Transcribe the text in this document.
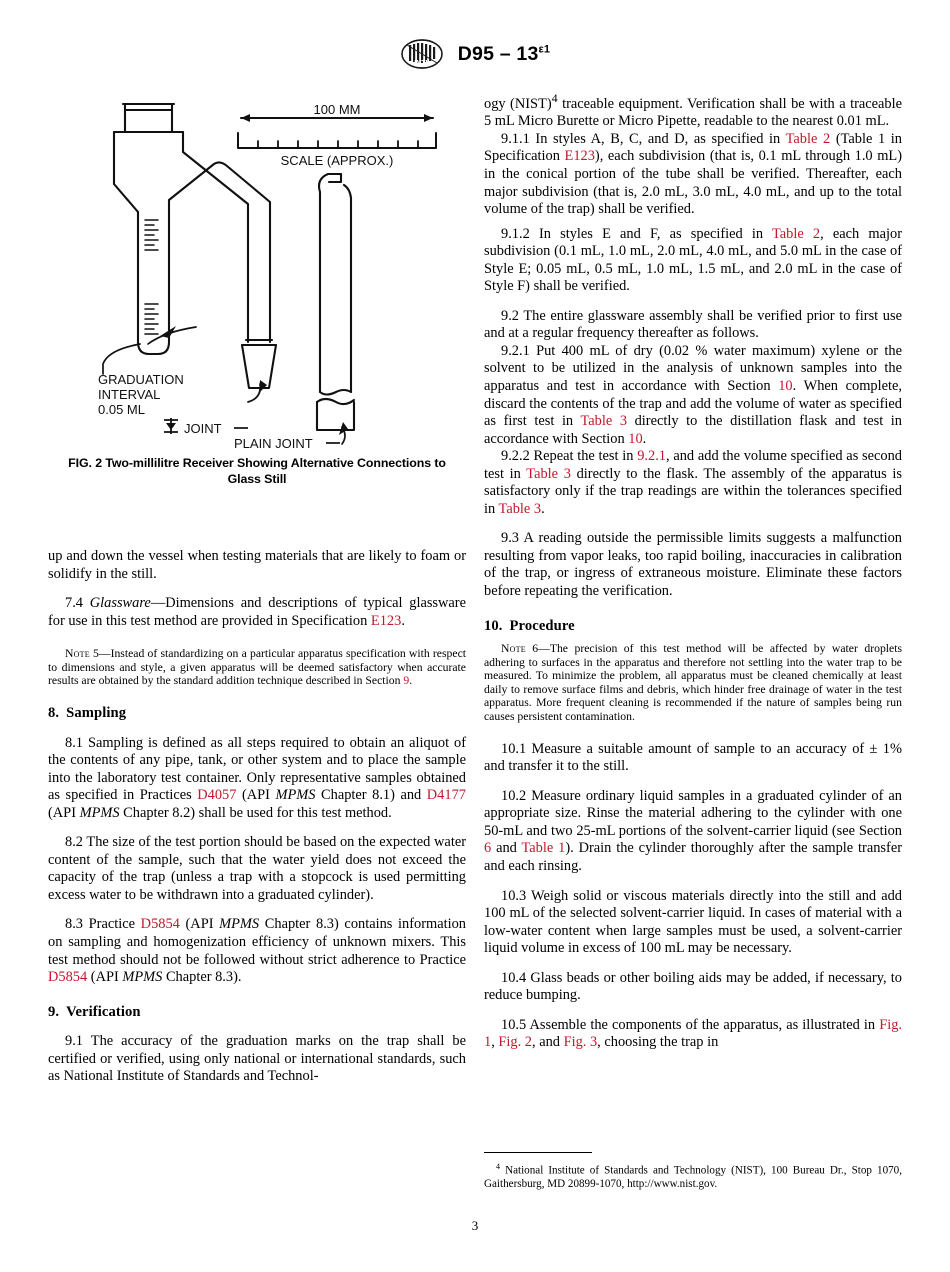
INTL $D95 - 13^{\varepsilon 1}$
100 MM
SCALE (APPROX.)
GRADUATION
INTERVAL
0.05 ML
JOINT
PLAIN JOINT
FIG. 2 Two-millilitre Receiver Showing Alternative Connections to
Glass Still

up and down the vessel when testing materials that are likely to foam or solidify in the still.

7.4 Glassware—Dimensions and descriptions of typical glassware for use in this test method are provided in Specification E123.

Note 5—Instead of standardizing on a particular apparatus specification with respect to dimensions and style, a given apparatus will be deemed satisfactory when accurate results are obtained by the standard addition technique described in Section 9.

8. Sampling

8.1 Sampling is defined as all steps required to obtain an aliquot of the contents of any pipe, tank, or other system and to place the sample into the laboratory test container. Only representative samples obtained as specified in Practices D4057 (API MPMS Chapter 8.1) and D4177 (API MPMS Chapter 8.2) shall be used for this test method.

8.2 The size of the test portion should be based on the expected water content of the sample, such that the water yield does not exceed the capacity of the trap (unless a trap with a stopcock is used permitting excess water to be withdrawn into a graduated cylinder).

8.3 Practice D5854 (API MPMS Chapter 8.3) contains information on sampling and homogenization efficiency of unknown mixers. This test method should not be followed without strict adherence to Practice D5854 (API MPMS Chapter 8.3).

9. Verification

9.1 The accuracy of the graduation marks on the trap shall be certified or verified, using only national or international standards, such as National Institute of Standards and Technol-

ogy (NIST)$^4$ traceable equipment. Verification shall be with a traceable 5 mL Micro Burette or Micro Pipette, readable to the nearest 0.01 mL.

9.1.1 In styles A, B, C, and D, as specified in Table 2 (Table 1 in Specification E123), each subdivision (that is, 0.1 mL through 1.0 mL) in the conical portion of the tube shall be verified. Thereafter, each major subdivision (that is, 2.0 mL, 3.0 mL, 4.0 mL, and up to the total volume of the trap) shall be verified.

9.1.2 In styles E and F, as specified in Table 2, each major subdivision (0.1 mL, 1.0 mL, 2.0 mL, 4.0 mL, and 5.0 mL in the case of Style E; 0.05 mL, 0.5 mL, 1.0 mL, 1.5 mL, and 2.0 mL in the case of Style F) shall be verified.

9.2 The entire glassware assembly shall be verified prior to first use and at a regular frequency thereafter as follows.

9.2.1 Put 400 mL of dry (0.02 % water maximum) xylene or the solvent to be utilized in the analysis of unknown samples into the apparatus and test in accordance with Section 10. When complete, discard the contents of the trap and add the volume of water as specified as first test in Table 3 directly to the distillation flask and test in accordance with Section 10.

9.2.2 Repeat the test in 9.2.1, and add the volume specified as second test in Table 3 directly to the flask. The assembly of the apparatus is satisfactory only if the trap readings are within the tolerances specified in Table 3.

9.3 A reading outside the permissible limits suggests a malfunction resulting from vapor leaks, too rapid boiling, inaccuracies in calibration of the trap, or ingress of extraneous moisture. Eliminate these factors before repeating the verification.

10. Procedure

Note 6—The precision of this test method will be affected by water droplets adhering to surfaces in the apparatus and therefore not settling into the water trap to be measured. To minimize the problem, all apparatus must be cleaned chemically at least daily to remove surface films and debris, which hinder free drainage of water in the test apparatus. More frequent cleaning is recommended if the nature of samples being run causes persistent contamination.

10.1 Measure a suitable amount of sample to an accuracy of ± 1% and transfer it to the still.

10.2 Measure ordinary liquid samples in a graduated cylinder of an appropriate size. Rinse the material adhering to the cylinder with one 50-mL and two 25-mL portions of the solvent-carrier liquid (see Section 6 and Table 1). Drain the cylinder thoroughly after the sample transfer and each rinsing.

10.3 Weigh solid or viscous materials directly into the still and add 100 mL of the selected solvent-carrier liquid. In cases of material with a low-water content when large samples must be used, a solvent-carrier liquid volume in excess of 100 mL may be necessary.

10.4 Glass beads or other boiling aids may be added, if necessary, to reduce bumping.

10.5 Assemble the components of the apparatus, as illustrated in Fig. 1, Fig. 2, and Fig. 3, choosing the trap in

$^4$ National Institute of Standards and Technology (NIST), 100 Bureau Dr., Stop 1070, Gaithersburg, MD 20899-1070, http://www.nist.gov.

3
